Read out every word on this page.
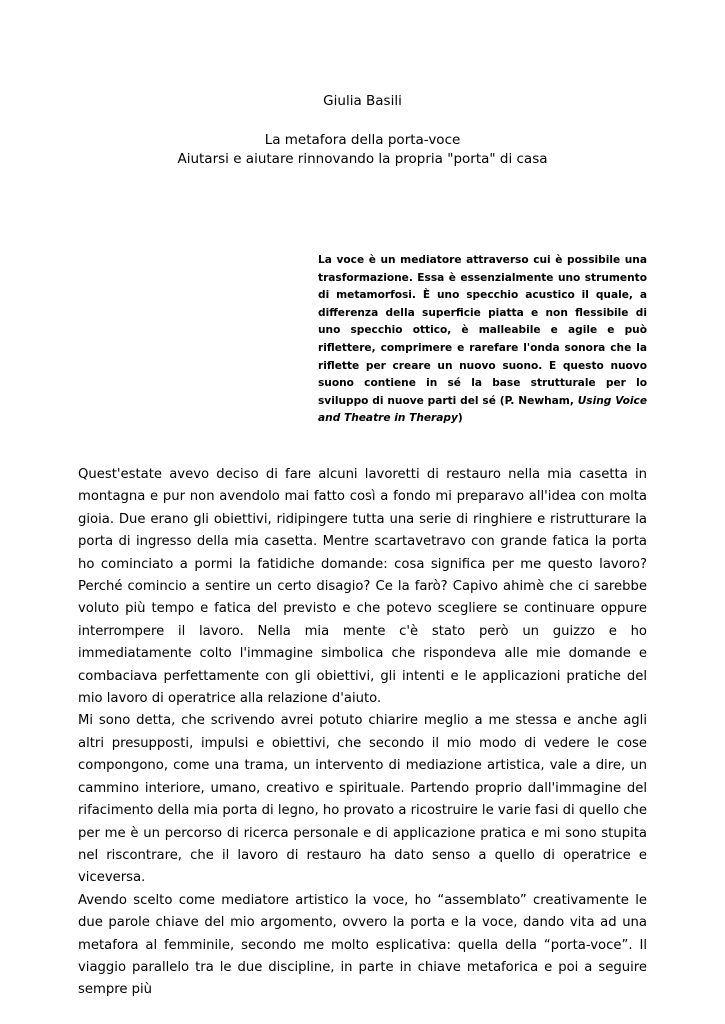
Giulia Basili
La metafora della porta-voce
Aiutarsi e aiutare rinnovando la propria "porta" di casa
La voce è un mediatore attraverso cui è possibile una trasformazione. Essa è essenzialmente uno strumento di metamorfosi. È uno specchio acustico il quale, a differenza della superficie piatta e non flessibile di uno specchio ottico, è malleabile e agile e può riflettere, comprimere e rarefare l'onda sonora che la riflette per creare un nuovo suono. E questo nuovo suono contiene in sé la base strutturale per lo sviluppo di nuove parti del sé (P. Newham, Using Voice and Theatre in Therapy)

Quest'estate avevo deciso di fare alcuni lavoretti di restauro nella mia casetta in montagna e pur non avendolo mai fatto così a fondo mi preparavo all'idea con molta gioia. Due erano gli obiettivi, ridipingere tutta una serie di ringhiere e ristrutturare la porta di ingresso della mia casetta. Mentre scartavetravo con grande fatica la porta ho cominciato a pormi la fatidiche domande: cosa significa per me questo lavoro? Perché comincio a sentire un certo disagio? Ce la farò? Capivo ahimè che ci sarebbe voluto più tempo e fatica del previsto e che potevo scegliere se continuare oppure interrompere il lavoro. Nella mia mente c'è stato però un guizzo e ho immediatamente colto l'immagine simbolica che rispondeva alle mie domande e combaciava perfettamente con gli obiettivi, gli intenti e le applicazioni pratiche del mio lavoro di operatrice alla relazione d'aiuto.

Mi sono detta, che scrivendo avrei potuto chiarire meglio a me stessa e anche agli altri presupposti, impulsi e obiettivi, che secondo il mio modo di vedere le cose compongono, come una trama, un intervento di mediazione artistica, vale a dire, un cammino interiore, umano, creativo e spirituale. Partendo proprio dall'immagine del rifacimento della mia porta di legno, ho provato a ricostruire le varie fasi di quello che per me è un percorso di ricerca personale e di applicazione pratica e mi sono stupita nel riscontrare, che il lavoro di restauro ha dato senso a quello di operatrice e viceversa.

Avendo scelto come mediatore artistico la voce, ho “assemblato” creativamente le due parole chiave del mio argomento, ovvero la porta e la voce, dando vita ad una metafora al femminile, secondo me molto esplicativa: quella della “porta-voce”. Il viaggio parallelo tra le due discipline, in parte in chiave metaforica e poi a seguire sempre più
